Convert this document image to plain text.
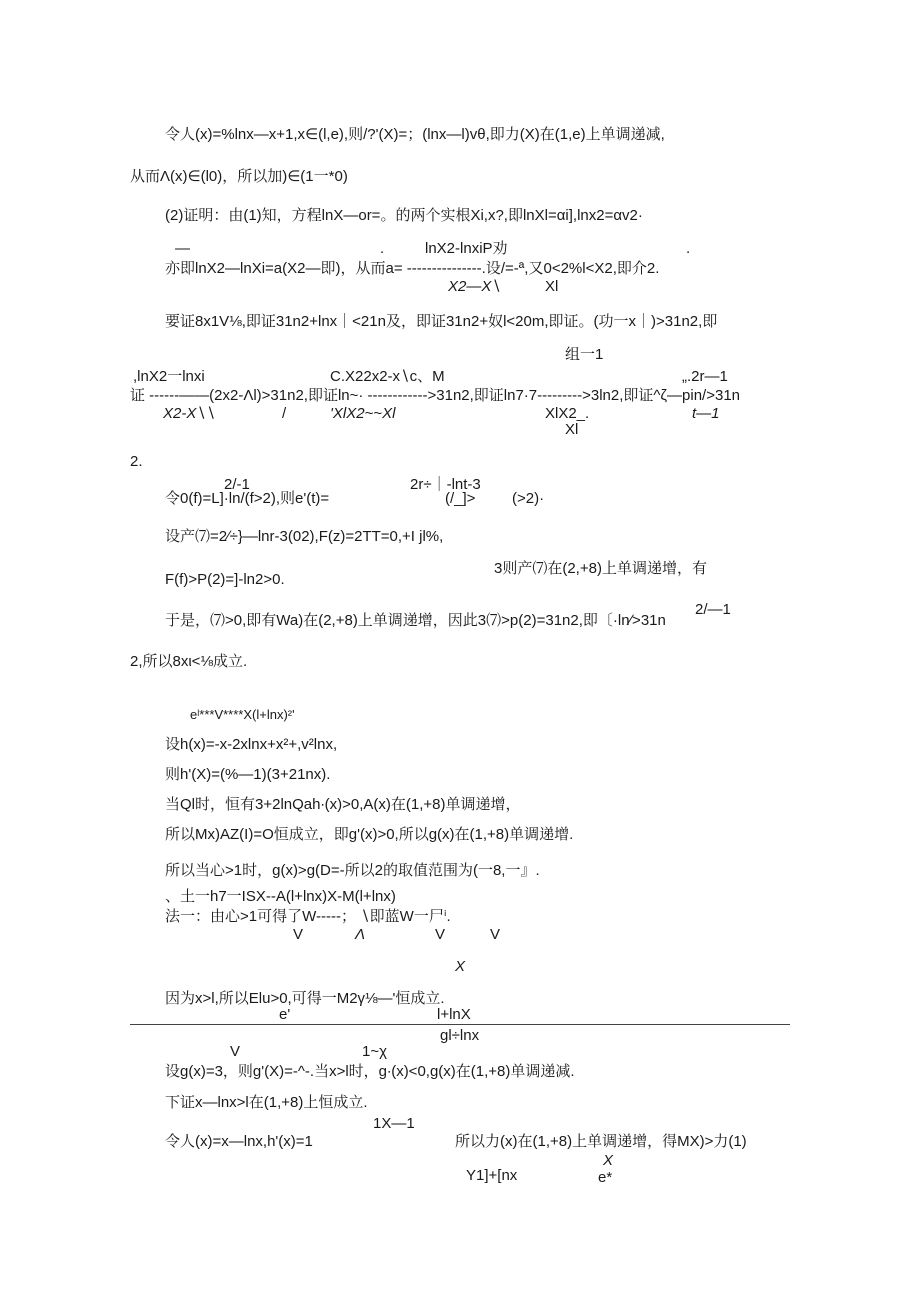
令人(x)=%lnx—x+1,x∈(l,e),则/?'(X)=；(lnx—l)vθ,即力(X)在(1,e)上单调递减,
从而Λ(x)∈(l0)，所以加)∈(1一*0)
(2)证明：由(1)知，方程lnX—or=。的两个实根Xi,x?,即lnXl=αi],lnx2=αv2·
—	.	lnX2-lnxiP劝	.
亦即lnX2—lnXi=a(X2—即)，从而a= ---------------.设/=-ª,又0<2%l<X2,即介2.
X2—X∖	Xl
要证8x1V⅛,即证31n2+lnx｜<21n及，即证31n2+奴l<20m,即证。(功一x｜)>31n2,即
组一1
,lnX2一lnxi	C.X22x2-x∖c、M	„.2r—1
证 ------——(2x2-Λl)>31n2,即证ln~· ------------>31n2,即证ln7·7--------->3ln2,即证^ζ—pin/>31n
X2-X∖∖	/	'XlX2~~Xl	XlX2_.	t—1
Xl
2.
2/-1	2r÷｜-lnt-3
令0(f)=L]·ln/(f>2),则e'(t)=	(/_]> (>2)·
设产⑺=2∕÷}—lnr-3(02),F(z)=2TT=0,+I jl%,
3则产⑺在(2,+8)上单调递增，有
F(f)>P(2)=]-ln2>0.
2/—1
于是，⑺>0,即有Wa)在(2,+8)上单调递增，因此3⑺>p(2)=31n2,即〔·ln∕>31n
2,所以8xι<⅛成立.
eˡ***V****X(l+lnx)²'
设h(x)=-x-2xlnx+x²+,v²lnx,
则h'(X)=(%—1)(3+21nx).
当Ql时，恒有3+2lnQah∙(x)>0,A(x)在(1,+8)单调递增，
所以Mx)AZ(I)=O恒成立，即g'(x)>0,所以g(x)在(1,+8)单调递增.
所以当心>1时，g(x)>g(D=-所以2的取值范围为(一8,一』.
、土一h7一ISX--A(l+lnx)X-M(l+lnx)
法一：由心>1可得了W-----； ∖即蓝W一尸ⁱ.
V	Λ	V	V
X
因为x>l,所以Elu>0,可得一M2γ⅛—'恒成立.
e'	l+lnX
gl÷lnx
V	1~χ
设g(x)=3，则g'(X)=-^-.当x>l时，g∙(x)<0,g(x)在(1,+8)单调递减.
下证x—lnx>l在(1,+8)上恒成立.
1X—1
令人(x)=x—lnx,h'(x)=1	所以力(x)在(1,+8)上单调递增，得MX)>力(1)
X
Y1]+[nx	e*
